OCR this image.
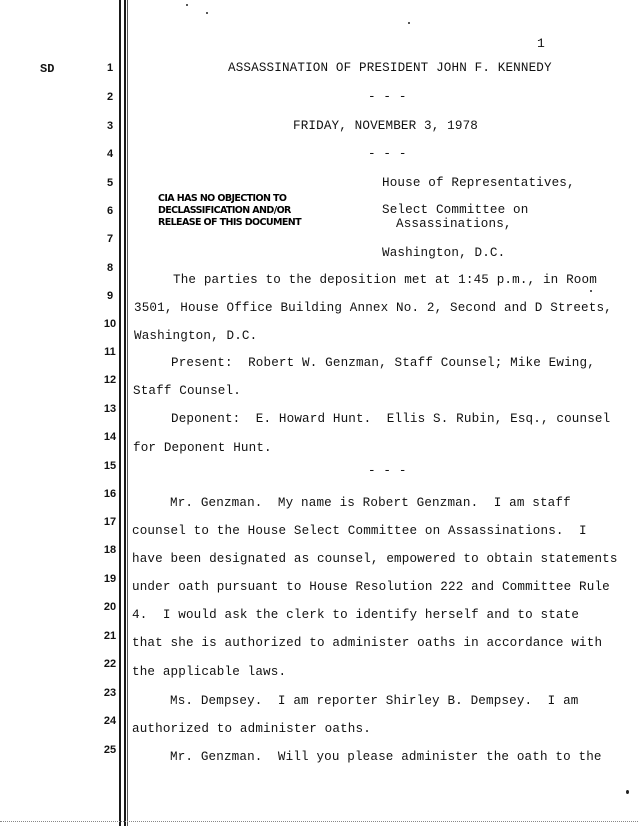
SD
1
1
2
3
4
5
6
7
8
9
10
11
12
13
14
15
16
17
18
19
20
21
22
23
24
25
ASSASSINATION OF PRESIDENT JOHN F. KENNEDY
- - -
FRIDAY, NOVEMBER 3, 1978
- - -
House of Representatives,
Select Committee on
Assassinations,
Washington, D.C.
CIA HAS NO OBJECTION TO
DECLASSIFICATION AND/OR
RELEASE OF THIS DOCUMENT
The parties to the deposition met at 1:45 p.m., in Room
3501, House Office Building Annex No. 2, Second and D Streets,
Washington, D.C.
Present:  Robert W. Genzman, Staff Counsel; Mike Ewing,
Staff Counsel.
Deponent:  E. Howard Hunt.  Ellis S. Rubin, Esq., counsel
for Deponent Hunt.
- - -
Mr. Genzman.  My name is Robert Genzman.  I am staff
counsel to the House Select Committee on Assassinations.  I
have been designated as counsel, empowered to obtain statements
under oath pursuant to House Resolution 222 and Committee Rule
4.  I would ask the clerk to identify herself and to state
that she is authorized to administer oaths in accordance with
the applicable laws.
Ms. Dempsey.  I am reporter Shirley B. Dempsey.  I am
authorized to administer oaths.
Mr. Genzman.  Will you please administer the oath to the
